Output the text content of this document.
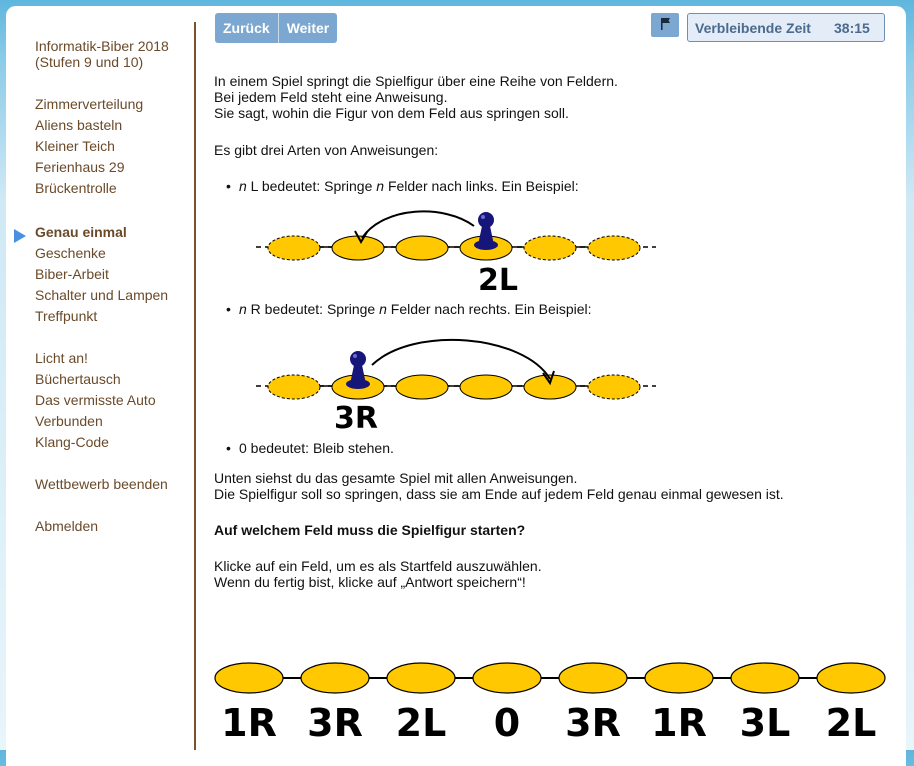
Informatik-Biber 2018
(Stufen 9 und 10)
Zimmerverteilung
Aliens basteln
Kleiner Teich
Ferienhaus 29
Brückentrolle
Genau einmal
Geschenke
Biber-Arbeit
Schalter und Lampen
Treffpunkt
Licht an!
Büchertausch
Das vermisste Auto
Verbunden
Klang-Code
Wettbewerb beenden
Abmelden
Zurück	Weiter	Verbleibende Zeit 38:15
In einem Spiel springt die Spielfigur über eine Reihe von Feldern.
Bei jedem Feld steht eine Anweisung.
Sie sagt, wohin die Figur von dem Feld aus springen soll.
Es gibt drei Arten von Anweisungen:
• n L bedeutet: Springe n Felder nach links. Ein Beispiel:
2L
• n R bedeutet: Springe n Felder nach rechts. Ein Beispiel:
3R
• 0 bedeutet: Bleib stehen.
Unten siehst du das gesamte Spiel mit allen Anweisungen.
Die Spielfigur soll so springen, dass sie am Ende auf jedem Feld genau einmal gewesen ist.
Auf welchem Feld muss die Spielfigur starten?
Klicke auf ein Feld, um es als Startfeld auszuwählen.
Wenn du fertig bist, klicke auf „Antwort speichern“!
1R 3R 2L 0 3R 1R 3L 2L
